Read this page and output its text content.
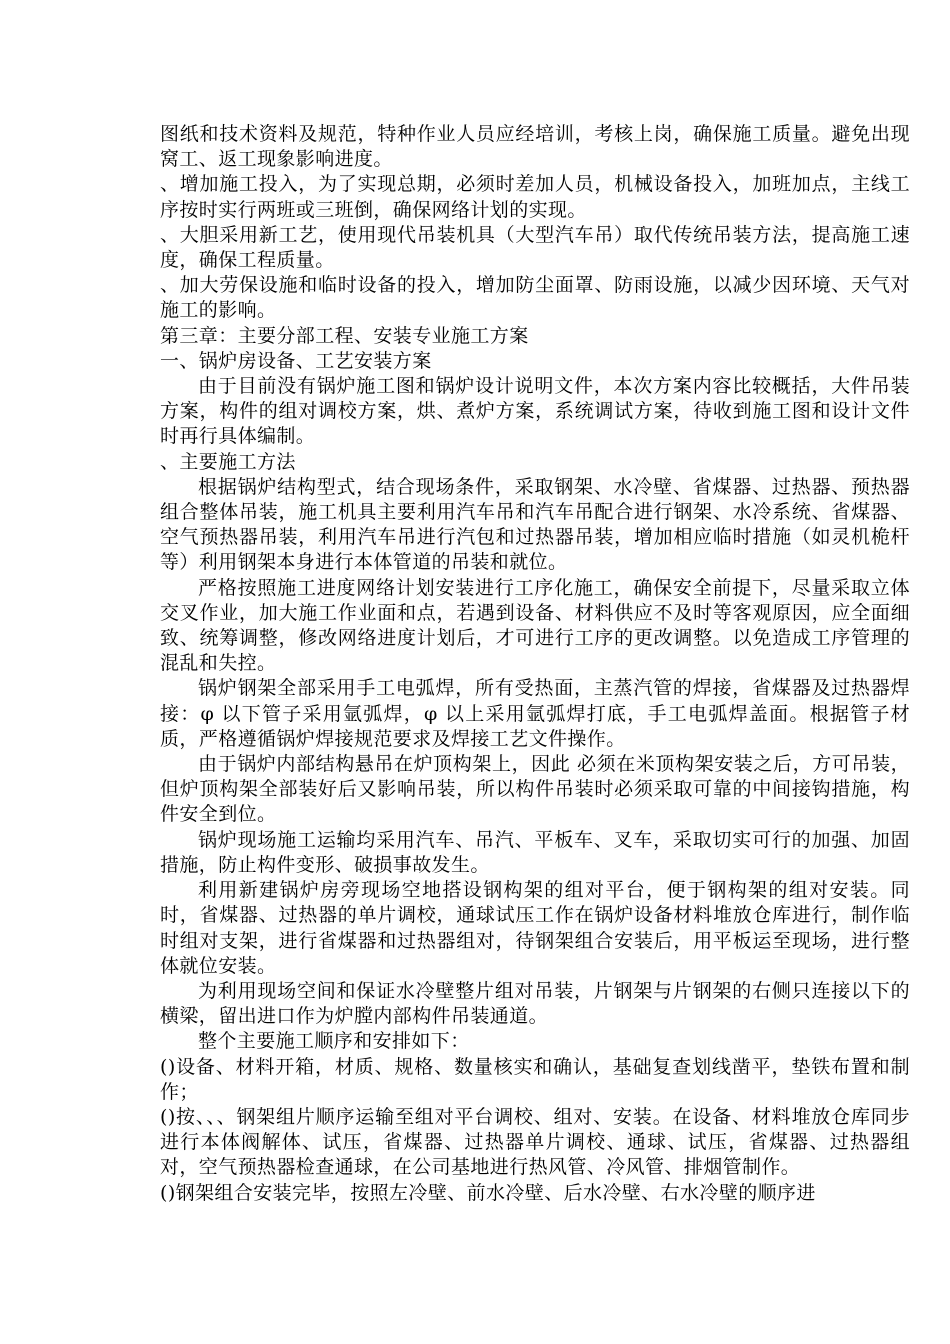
图纸和技术资料及规范，特种作业人员应经培训，考核上岗，确保施工质量。避免出现窝工、返工现象影响进度。

、增加施工投入，为了实现总期，必须时差加人员，机械设备投入，加班加点，主线工序按时实行两班或三班倒，确保网络计划的实现。

、大胆采用新工艺，使用现代吊装机具（大型汽车吊）取代传统吊装方法，提高施工速度，确保工程质量。

、加大劳保设施和临时设备的投入，增加防尘面罩、防雨设施，以减少因环境、天气对施工的影响。

第三章：主要分部工程、安装专业施工方案

一、锅炉房设备、工艺安装方案

由于目前没有锅炉施工图和锅炉设计说明文件，本次方案内容比较概括，大件吊装方案，构件的组对调校方案，烘、煮炉方案，系统调试方案，待收到施工图和设计文件时再行具体编制。

、主要施工方法

根据锅炉结构型式，结合现场条件，采取钢架、水冷壁、省煤器、过热器、预热器组合整体吊装，施工机具主要利用汽车吊和汽车吊配合进行钢架、水冷系统、省煤器、空气预热器吊装，利用汽车吊进行汽包和过热器吊装，增加相应临时措施（如灵机桅杆等）利用钢架本身进行本体管道的吊装和就位。

严格按照施工进度网络计划安装进行工序化施工，确保安全前提下，尽量采取立体交叉作业，加大施工作业面和点，若遇到设备、材料供应不及时等客观原因，应全面细致、统筹调整，修改网络进度计划后，才可进行工序的更改调整。以免造成工序管理的混乱和失控。

锅炉钢架全部采用手工电弧焊，所有受热面，主蒸汽管的焊接，省煤器及过热器焊接：φ 以下管子采用氩弧焊，φ 以上采用氩弧焊打底，手工电弧焊盖面。根据管子材质，严格遵循锅炉焊接规范要求及焊接工艺文件操作。

由于锅炉内部结构悬吊在炉顶构架上，因此 必须在米顶构架安装之后，方可吊装，但炉顶构架全部装好后又影响吊装，所以构件吊装时必须采取可靠的中间接钩措施，构件安全到位。

锅炉现场施工运输均采用汽车、吊汽、平板车、叉车，采取切实可行的加强、加固措施，防止构件变形、破损事故发生。

利用新建锅炉房旁现场空地搭设钢构架的组对平台，便于钢构架的组对安装。同时，省煤器、过热器的单片调校，通球试压工作在锅炉设备材料堆放仓库进行，制作临时组对支架，进行省煤器和过热器组对，待钢架组合安装后，用平板运至现场，进行整体就位安装。

为利用现场空间和保证水冷壁整片组对吊装，片钢架与片钢架的右侧只连接以下的横梁，留出进口作为炉膛内部构件吊装通道。

整个主要施工顺序和安排如下：

()设备、材料开箱，材质、规格、数量核实和确认，基础复查划线凿平，垫铁布置和制作；

()按、、、钢架组片顺序运输至组对平台调校、组对、安装。在设备、材料堆放仓库同步进行本体阀解体、试压，省煤器、过热器单片调校、通球、试压，省煤器、过热器组对，空气预热器检查通球，在公司基地进行热风管、冷风管、排烟管制作。

()钢架组合安装完毕，按照左冷壁、前水冷壁、后水冷壁、右水冷壁的顺序进
